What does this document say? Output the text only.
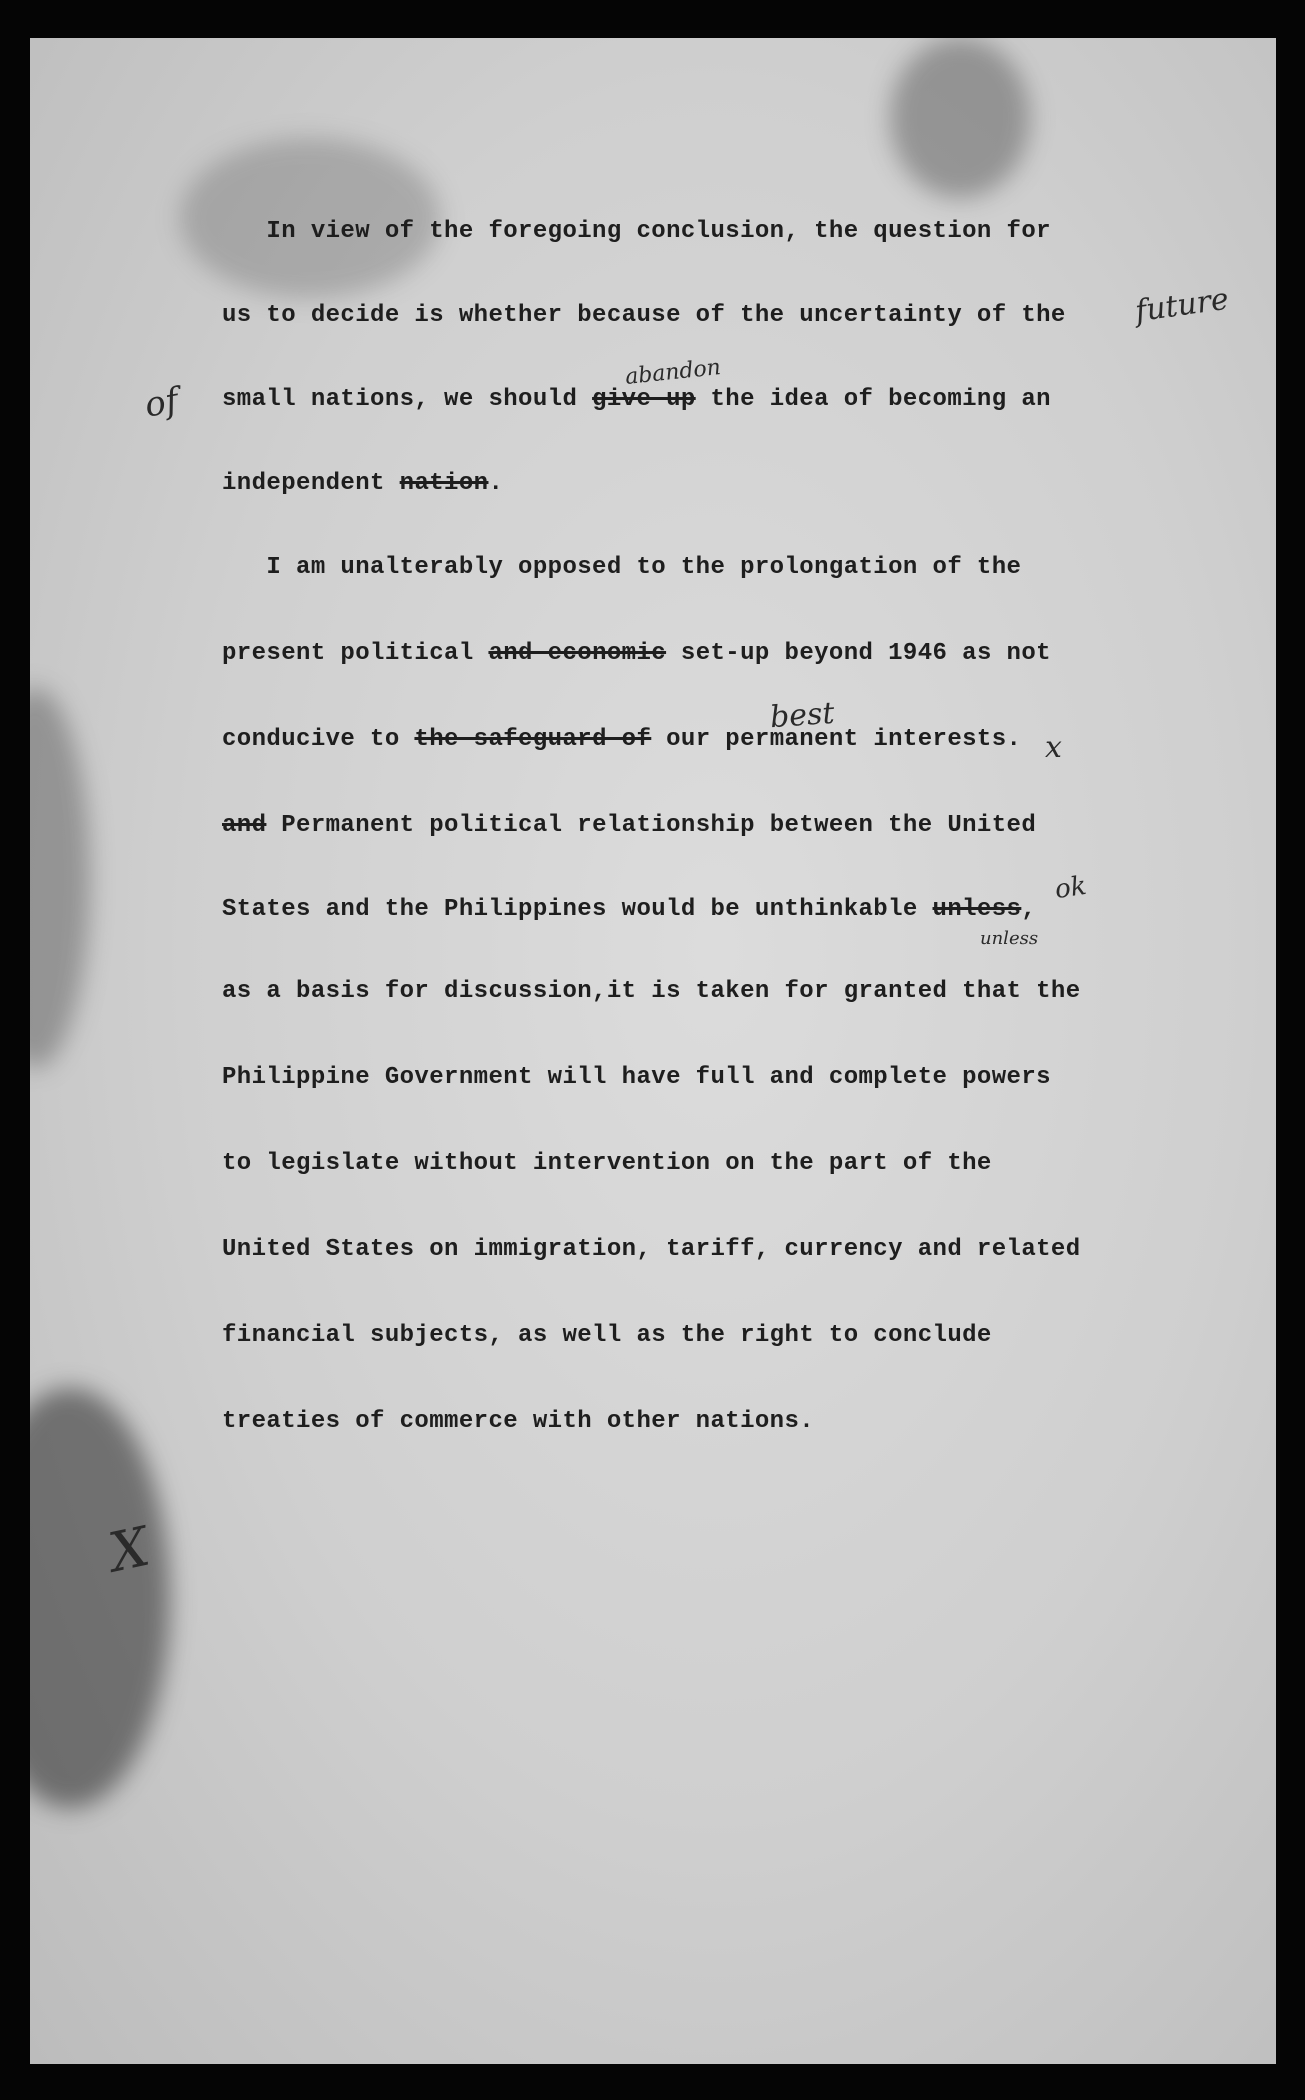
In view of the foregoing conclusion, the question for
us to decide is whether because of the uncertainty of the
small nations, we should give up the idea of becoming an
independent nation.
I am unalterably opposed to the prolongation of the
present political and economic set-up beyond 1946 as not
conducive to the safeguard of our permanent interests.
and Permanent political relationship between the United
States and the Philippines would be unthinkable unless,
as a basis for discussion,it is taken for granted that the
Philippine Government will have full and complete powers
to legislate without intervention on the part of the
United States on immigration, tariff, currency and related
financial subjects, as well as the right to conclude
treaties of commerce with other nations.
future
of
abandon
best
x
ok
unless
X
